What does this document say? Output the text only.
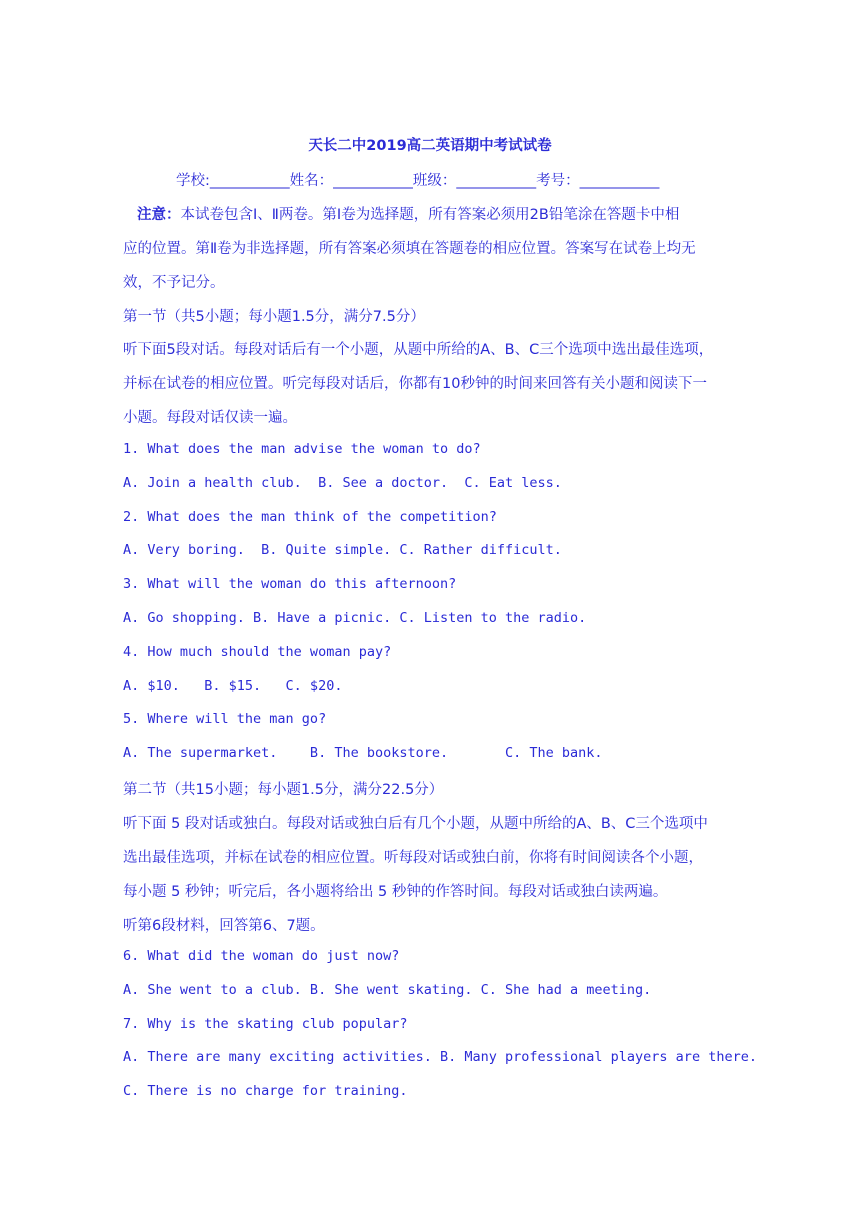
天长二中2019高二英语期中考试试卷
学校:___________姓名：___________班级：___________考号：___________
注意：本试卷包含Ⅰ、Ⅱ两卷。第Ⅰ卷为选择题，所有答案必须用2B铅笔涂在答题卡中相
应的位置。第Ⅱ卷为非选择题，所有答案必须填在答题卷的相应位置。答案写在试卷上均无
效，不予记分。
第一节（共5小题；每小题1.5分，满分7.5分）
听下面5段对话。每段对话后有一个小题，从题中所给的A、B、C三个选项中选出最佳选项，
并标在试卷的相应位置。听完每段对话后，你都有10秒钟的时间来回答有关小题和阅读下一
小题。每段对话仅读一遍。
1. What does the man advise the woman to do?
A. Join a health club.  B. See a doctor.  C. Eat less.
2. What does the man think of the competition?
A. Very boring.  B. Quite simple. C. Rather difficult.
3. What will the woman do this afternoon?
A. Go shopping. B. Have a picnic. C. Listen to the radio.
4. How much should the woman pay?
A. $10.   B. $15.   C. $20.
5. Where will the man go?
A. The supermarket.    B. The bookstore.       C. The bank.
第二节（共15小题；每小题1.5分，满分22.5分）
听下面 5 段对话或独白。每段对话或独白后有几个小题，从题中所给的A、B、C三个选项中
选出最佳选项，并标在试卷的相应位置。听每段对话或独白前，你将有时间阅读各个小题，
每小题 5 秒钟；听完后，各小题将给出 5 秒钟的作答时间。每段对话或独白读两遍。
听第6段材料，回答第6、7题。
6. What did the woman do just now?
A. She went to a club. B. She went skating. C. She had a meeting.
7. Why is the skating club popular?
A. There are many exciting activities. B. Many professional players are there.
C. There is no charge for training.
